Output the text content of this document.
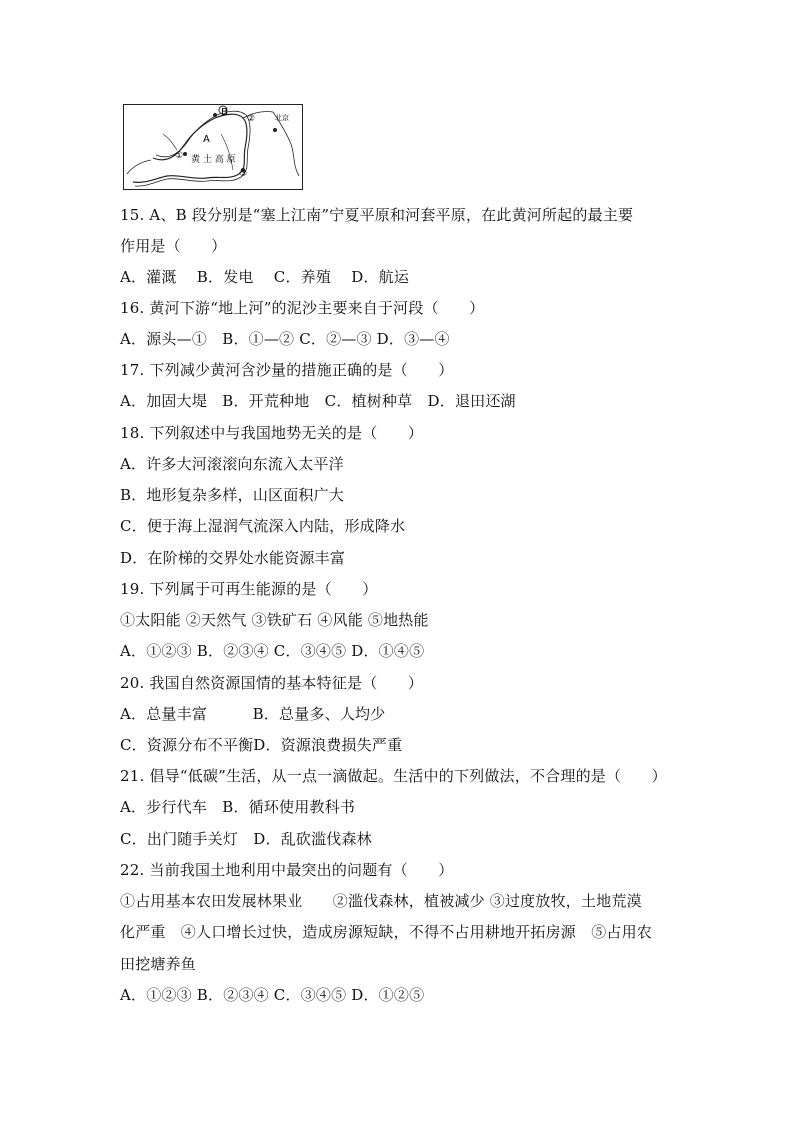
B
A
①
②
③
黄 土 高 原
北京
15. A、B 段分别是“塞上江南”宁夏平原和河套平原，在此黄河所起的最主要
作用是（　　）
A．灌溉　 B．发电　 C．养殖　 D．航运
16. 黄河下游“地上河”的泥沙主要来自于河段（　　）
A．源头—①　B．①—② C．②—③ D．③—④
17. 下列减少黄河含沙量的措施正确的是（　　）
A．加固大堤　B．开荒种地　C．植树种草　D．退田还湖
18. 下列叙述中与我国地势无关的是（　　）
A．许多大河滚滚向东流入太平洋
B．地形复杂多样，山区面积广大
C．便于海上湿润气流深入内陆，形成降水
D．在阶梯的交界处水能资源丰富
19. 下列属于可再生能源的是（　　）
①太阳能 ②天然气 ③铁矿石 ④风能 ⑤地热能
A．①②③ B．②③④ C．③④⑤ D．①④⑤
20. 我国自然资源国情的基本特征是（　　）
A．总量丰富　　　B．总量多、人均少
C．资源分布不平衡D．资源浪费损失严重
21. 倡导“低碳”生活，从一点一滴做起。生活中的下列做法，不合理的是（　　）
A．步行代车　B．循环使用教科书
C．出门随手关灯　D．乱砍滥伐森林
22. 当前我国土地利用中最突出的问题有（　　）
①占用基本农田发展林果业　　②滥伐森林，植被减少 ③过度放牧，土地荒漠
化严重　④人口增长过快，造成房源短缺，不得不占用耕地开拓房源　⑤占用农
田挖塘养鱼
A．①②③ B．②③④ C．③④⑤ D．①②⑤
